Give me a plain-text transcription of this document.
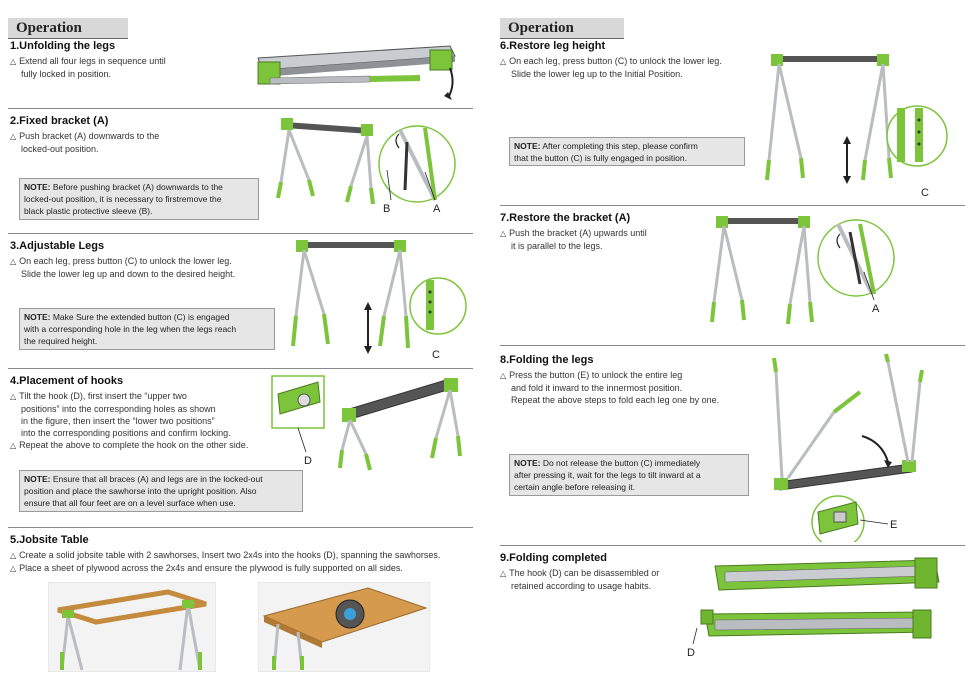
Operation
1.Unfolding the legs
△ Extend all four legs in sequence until
fully locked in position.
2.Fixed bracket (A)
△ Push bracket (A) downwards to the
locked-out position.
NOTE: Before pushing bracket (A) downwards to the
locked-out position, it is necessary to firstremove the
black plastic protective sleeve (B).	B	A
3.Adjustable Legs
△ On each leg, press button (C) to unlock the lower leg.
Slide the lower leg up and down to the desired height.
NOTE: Make Sure the extended button (C) is engaged
with a corresponding hole in the leg when the legs reach
the required height.
C
4.Placement of hooks
△ Tilt the hook (D), first insert the “upper two
positions” into the corresponding holes as shown
in the figure, then insert the “lower two positions”
into the corresponding positions and confirm locking.
△ Repeat the above to complete the hook on the other side.
NOTE: Ensure that all braces (A) and legs are in the locked-out
position and place the sawhorse into the upright position. Also
ensure that all four feet are on a level surface when use.
D
5.Jobsite Table
△ Create a solid jobsite table with 2 sawhorses, Insert two 2x4s into the hooks (D), spanning the sawhorses.
△ Place a sheet of plywood across the 2x4s and ensure the plywood is fully supported on all sides.
Operation
6.Restore leg height
△ On each leg, press button (C) to unlock the lower leg.
Slide the lower leg up to the Initial Position.
NOTE: After completing this step, please confirm
that the button (C) is fully engaged in position.
C
7.Restore the bracket (A)
△ Push the bracket (A) upwards until
it is parallel to the legs.
A
8.Folding the legs
△ Press the button (E) to unlock the entire leg
and fold it inward to the innermost position.
Repeat the above steps to fold each leg one by one.
NOTE: Do not release the button (C) immediately
after pressing it, wait for the legs to tilt inward at a
certain angle before releasing it.
E
9.Folding completed
△ The hook (D) can be disassembled or
retained according to usage habits.
D
